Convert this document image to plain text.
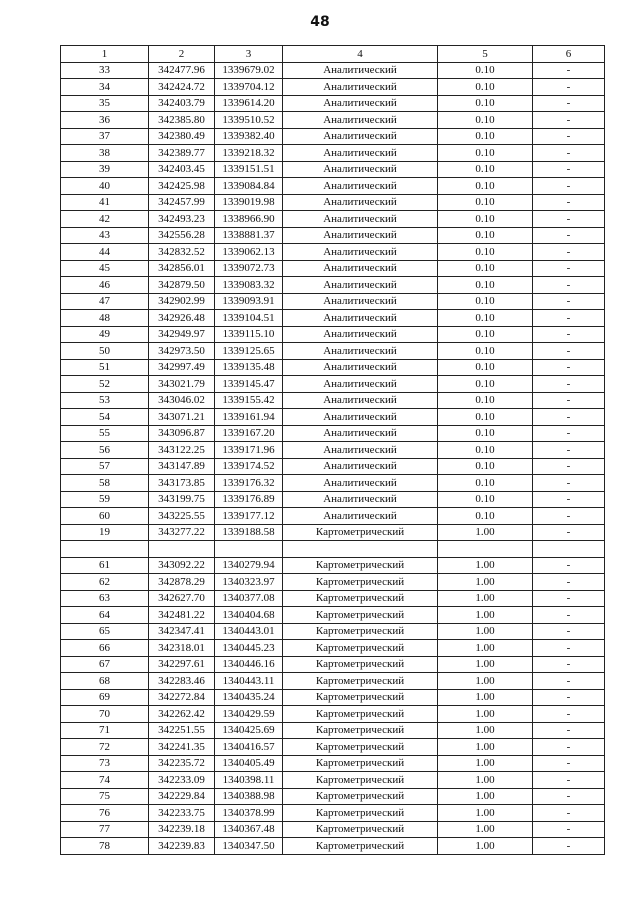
48
1	2	3	4	5	6
33	342477.96	1339679.02	Аналитический	0.10	-
34	342424.72	1339704.12	Аналитический	0.10	-
35	342403.79	1339614.20	Аналитический	0.10	-
36	342385.80	1339510.52	Аналитический	0.10	-
37	342380.49	1339382.40	Аналитический	0.10	-
38	342389.77	1339218.32	Аналитический	0.10	-
39	342403.45	1339151.51	Аналитический	0.10	-
40	342425.98	1339084.84	Аналитический	0.10	-
41	342457.99	1339019.98	Аналитический	0.10	-
42	342493.23	1338966.90	Аналитический	0.10	-
43	342556.28	1338881.37	Аналитический	0.10	-
44	342832.52	1339062.13	Аналитический	0.10	-
45	342856.01	1339072.73	Аналитический	0.10	-
46	342879.50	1339083.32	Аналитический	0.10	-
47	342902.99	1339093.91	Аналитический	0.10	-
48	342926.48	1339104.51	Аналитический	0.10	-
49	342949.97	1339115.10	Аналитический	0.10	-
50	342973.50	1339125.65	Аналитический	0.10	-
51	342997.49	1339135.48	Аналитический	0.10	-
52	343021.79	1339145.47	Аналитический	0.10	-
53	343046.02	1339155.42	Аналитический	0.10	-
54	343071.21	1339161.94	Аналитический	0.10	-
55	343096.87	1339167.20	Аналитический	0.10	-
56	343122.25	1339171.96	Аналитический	0.10	-
57	343147.89	1339174.52	Аналитический	0.10	-
58	343173.85	1339176.32	Аналитический	0.10	-
59	343199.75	1339176.89	Аналитический	0.10	-
60	343225.55	1339177.12	Аналитический	0.10	-
19	343277.22	1339188.58	Картометрический	1.00	-

61	343092.22	1340279.94	Картометрический	1.00	-
62	342878.29	1340323.97	Картометрический	1.00	-
63	342627.70	1340377.08	Картометрический	1.00	-
64	342481.22	1340404.68	Картометрический	1.00	-
65	342347.41	1340443.01	Картометрический	1.00	-
66	342318.01	1340445.23	Картометрический	1.00	-
67	342297.61	1340446.16	Картометрический	1.00	-
68	342283.46	1340443.11	Картометрический	1.00	-
69	342272.84	1340435.24	Картометрический	1.00	-
70	342262.42	1340429.59	Картометрический	1.00	-
71	342251.55	1340425.69	Картометрический	1.00	-
72	342241.35	1340416.57	Картометрический	1.00	-
73	342235.72	1340405.49	Картометрический	1.00	-
74	342233.09	1340398.11	Картометрический	1.00	-
75	342229.84	1340388.98	Картометрический	1.00	-
76	342233.75	1340378.99	Картометрический	1.00	-
77	342239.18	1340367.48	Картометрический	1.00	-
78	342239.83	1340347.50	Картометрический	1.00	-
